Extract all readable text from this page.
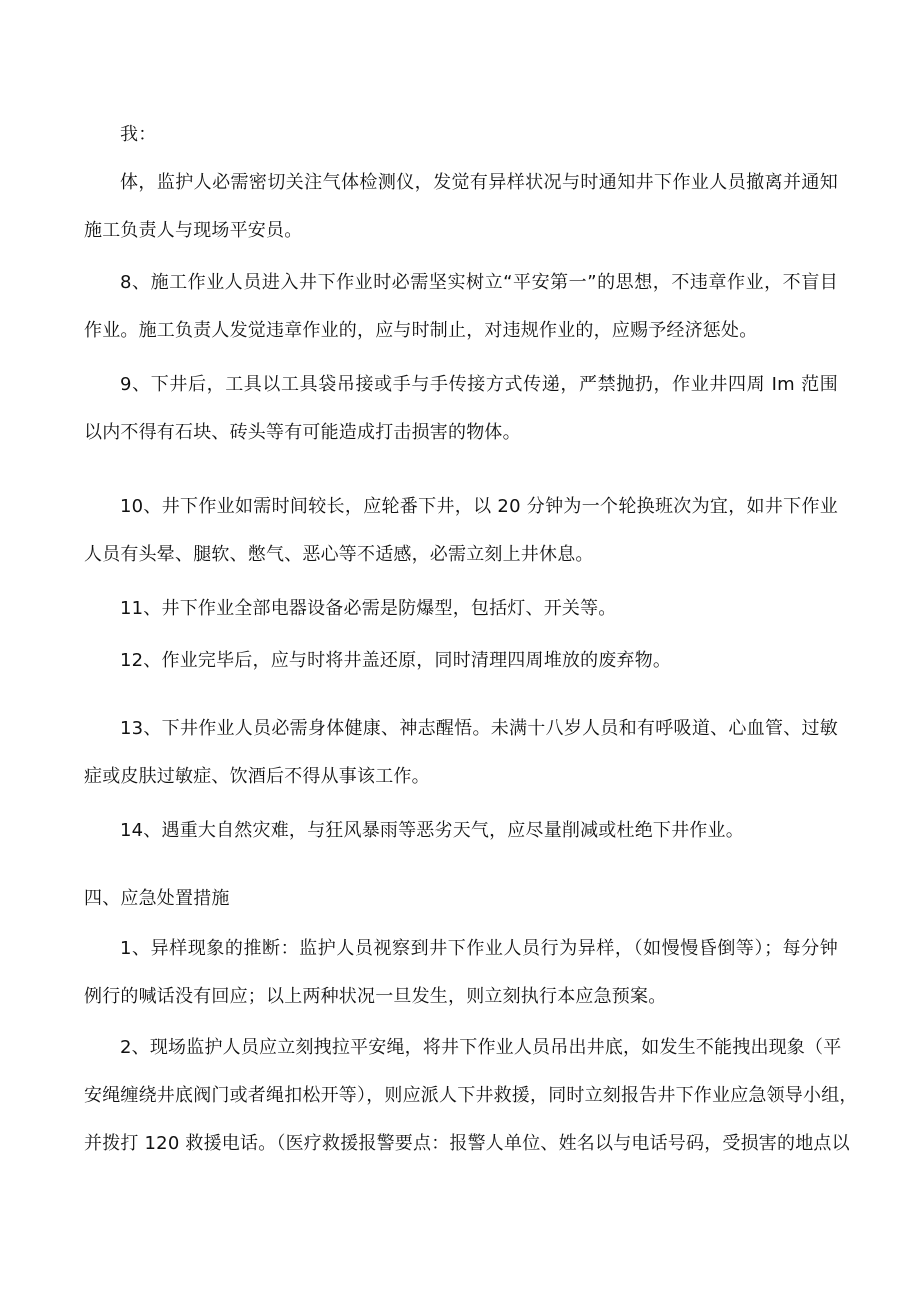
我：
体，监护人必需密切关注气体检测仪，发觉有异样状况与时通知井下作业人员撤离并通知
施工负责人与现场平安员。
8、施工作业人员进入井下作业时必需坚实树立“平安第一”的思想，不违章作业，不盲目
作业。施工负责人发觉违章作业的，应与时制止，对违规作业的，应赐予经济惩处。
9、下井后，工具以工具袋吊接或手与手传接方式传递，严禁抛扔，作业井四周 Im 范围
以内不得有石块、砖头等有可能造成打击损害的物体。
10、井下作业如需时间较长，应轮番下井，以 20 分钟为一个轮换班次为宜，如井下作业
人员有头晕、腿软、憋气、恶心等不适感，必需立刻上井休息。
11、井下作业全部电器设备必需是防爆型，包括灯、开关等。
12、作业完毕后，应与时将井盖还原，同时清理四周堆放的废弃物。
13、下井作业人员必需身体健康、神志醒悟。未满十八岁人员和有呼吸道、心血管、过敏
症或皮肤过敏症、饮酒后不得从事该工作。
14、遇重大自然灾难，与狂风暴雨等恶劣天气，应尽量削减或杜绝下井作业。
四、应急处置措施
1、异样现象的推断：监护人员视察到井下作业人员行为异样，（如慢慢昏倒等）；每分钟
例行的喊话没有回应；以上两种状况一旦发生，则立刻执行本应急预案。
2、现场监护人员应立刻拽拉平安绳，将井下作业人员吊出井底，如发生不能拽出现象（平
安绳缠绕井底阀门或者绳扣松开等），则应派人下井救援，同时立刻报告井下作业应急领导小组，
并拨打 120 救援电话。（医疗救援报警要点：报警人单位、姓名以与电话号码，受损害的地点以
